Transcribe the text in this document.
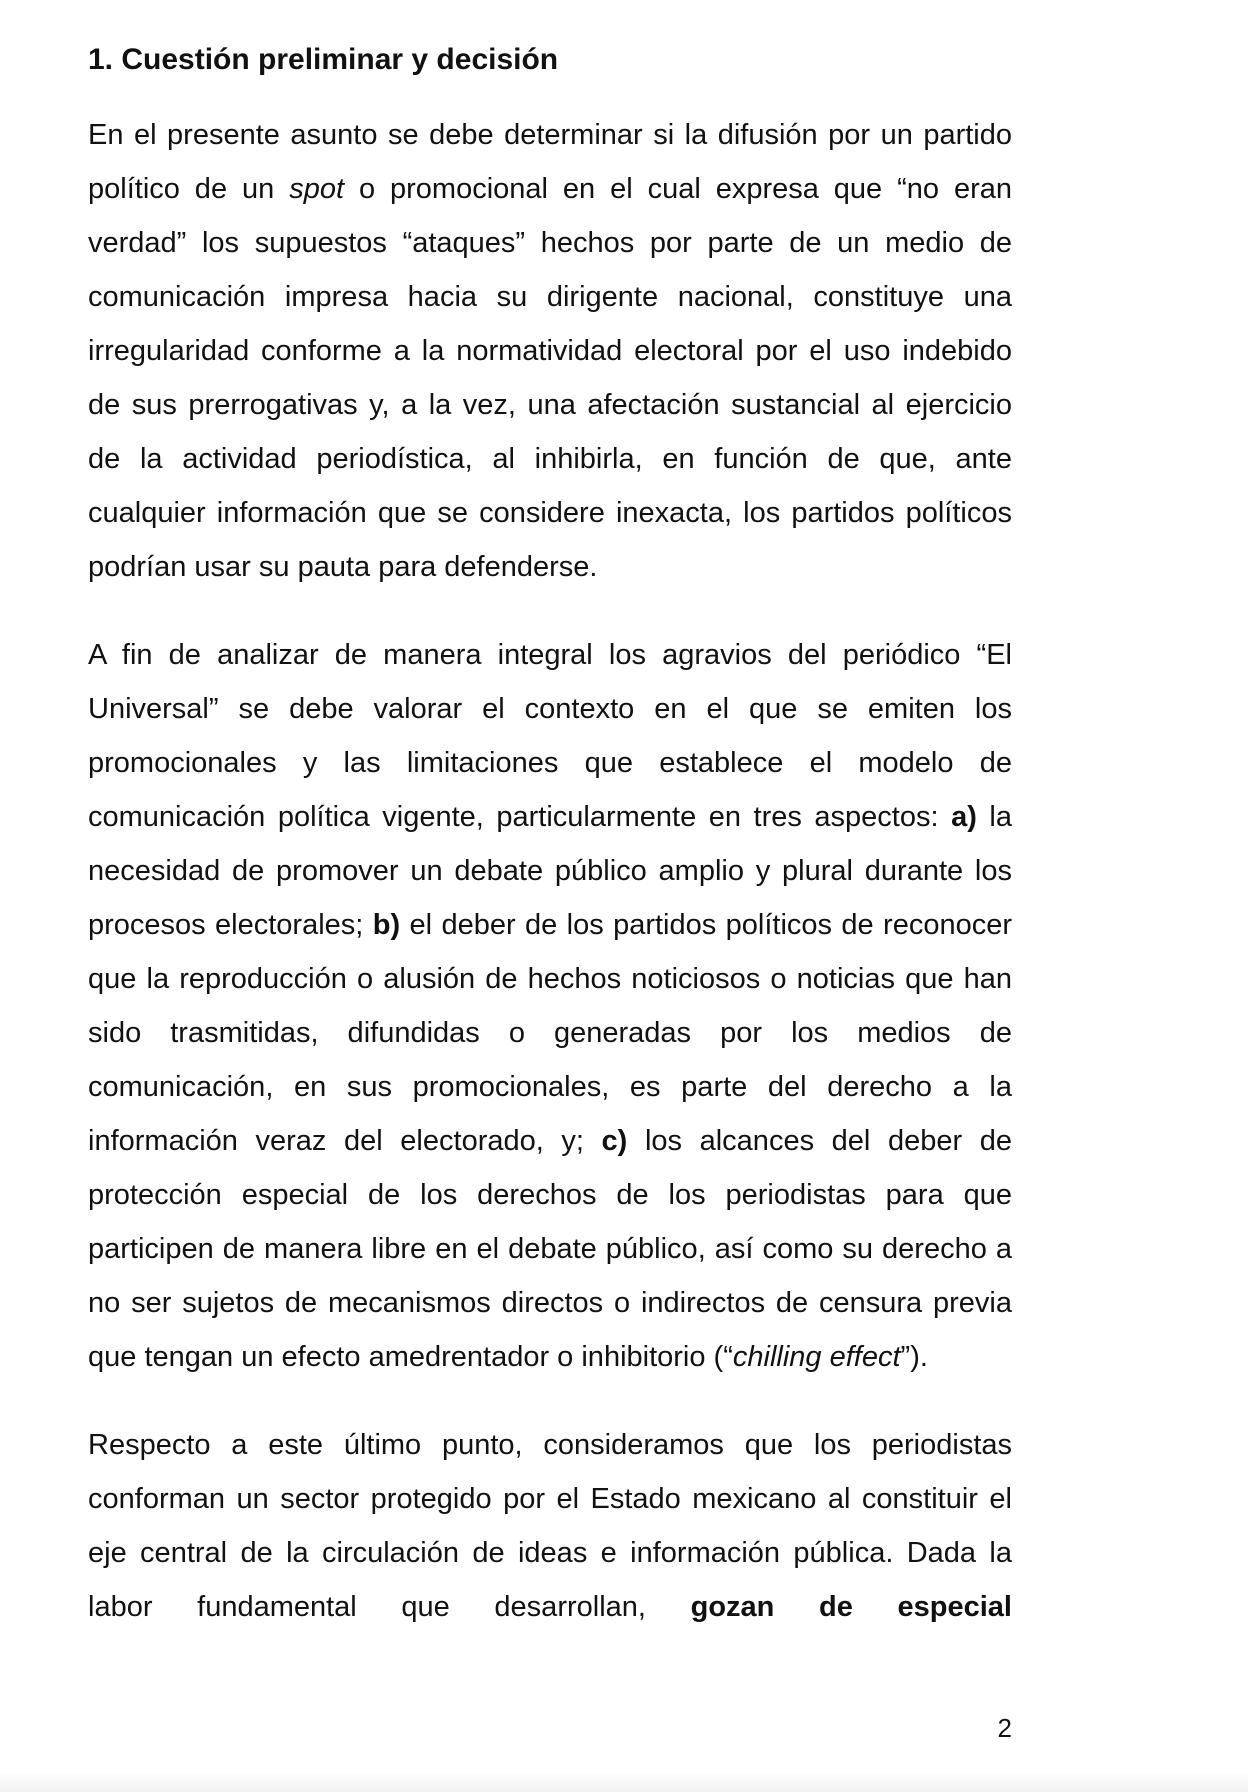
1. Cuestión preliminar y decisión

En el presente asunto se debe determinar si la difusión por un partido político de un spot o promocional en el cual expresa que “no eran verdad” los supuestos “ataques” hechos por parte de un medio de comunicación impresa hacia su dirigente nacional, constituye una irregularidad conforme a la normatividad electoral por el uso indebido de sus prerrogativas y, a la vez, una afectación sustancial al ejercicio de la actividad periodística, al inhibirla, en función de que, ante cualquier información que se considere inexacta, los partidos políticos podrían usar su pauta para defenderse.

A fin de analizar de manera integral los agravios del periódico “El Universal” se debe valorar el contexto en el que se emiten los promocionales y las limitaciones que establece el modelo de comunicación política vigente, particularmente en tres aspectos: a) la necesidad de promover un debate público amplio y plural durante los procesos electorales; b) el deber de los partidos políticos de reconocer que la reproducción o alusión de hechos noticiosos o noticias que han sido trasmitidas, difundidas o generadas por los medios de comunicación, en sus promocionales, es parte del derecho a la información veraz del electorado, y; c) los alcances del deber de protección especial de los derechos de los periodistas para que participen de manera libre en el debate público, así como su derecho a no ser sujetos de mecanismos directos o indirectos de censura previa que tengan un efecto amedrentador o inhibitorio (“chilling effect”).

Respecto a este último punto, consideramos que los periodistas conforman un sector protegido por el Estado mexicano al constituir el eje central de la circulación de ideas e información pública. Dada la labor fundamental que desarrollan, gozan de especial

2
